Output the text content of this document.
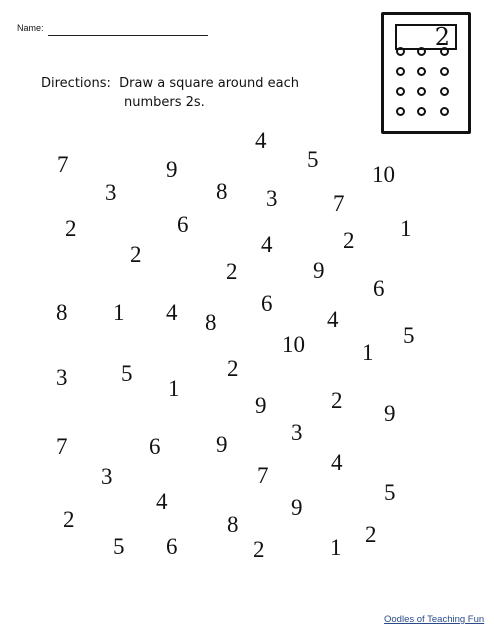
Name:
Directions: Draw a square around each
numbers 2s.
2
4
7	9	5
10
3	8 3 7
2	6	1
4	2
2
2	9
6
8 1 4 8
6
4
5
10 1
3 5	2
1
9	2
9
3
7	6 9
4
3	7
5
4	9
2	8
1
2
5 6	2
Oodles of Teaching Fun
